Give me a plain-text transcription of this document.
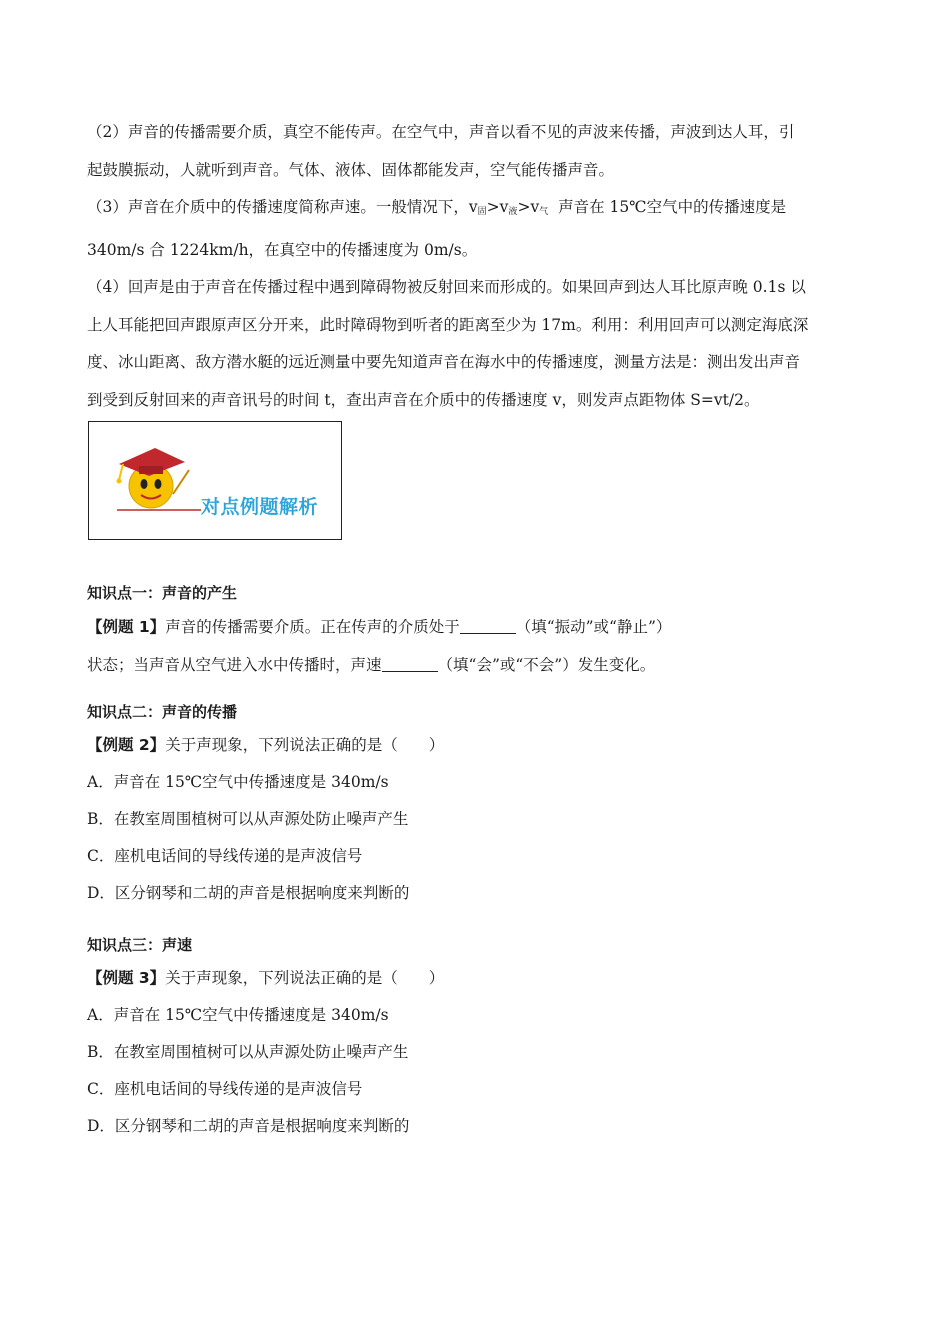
（2）声音的传播需要介质，真空不能传声。在空气中，声音以看不见的声波来传播，声波到达人耳，引

起鼓膜振动，人就听到声音。气体、液体、固体都能发声，空气能传播声音。

（3）声音在介质中的传播速度简称声速。一般情况下，$v_固>v_液>v_气$ 声音在 15℃空气中的传播速度是

340m/s 合 1224km/h，在真空中的传播速度为 0m/s。

（4）回声是由于声音在传播过程中遇到障碍物被反射回来而形成的。如果回声到达人耳比原声晚 0.1s 以

上人耳能把回声跟原声区分开来，此时障碍物到听者的距离至少为 17m。利用：利用回声可以测定海底深

度、冰山距离、敌方潜水艇的远近测量中要先知道声音在海水中的传播速度，测量方法是：测出发出声音

到受到反射回来的声音讯号的时间 t，查出声音在介质中的传播速度 v，则发声点距物体 S=vt/2。

对点例题解析

知识点一：声音的产生

【例题 1】声音的传播需要介质。正在传声的介质处于	（填“振动”或“静止”）

状态；当声音从空气进入水中传播时，声速	（填“会”或“不会”）发生变化。

知识点二：声音的传播

【例题 2】关于声现象，下列说法正确的是（　　）

A．声音在 15℃空气中传播速度是 340m/s

B．在教室周围植树可以从声源处防止噪声产生

C．座机电话间的导线传递的是声波信号

D．区分钢琴和二胡的声音是根据响度来判断的

知识点三：声速

【例题 3】关于声现象，下列说法正确的是（　　）

A．声音在 15℃空气中传播速度是 340m/s

B．在教室周围植树可以从声源处防止噪声产生

C．座机电话间的导线传递的是声波信号

D．区分钢琴和二胡的声音是根据响度来判断的
